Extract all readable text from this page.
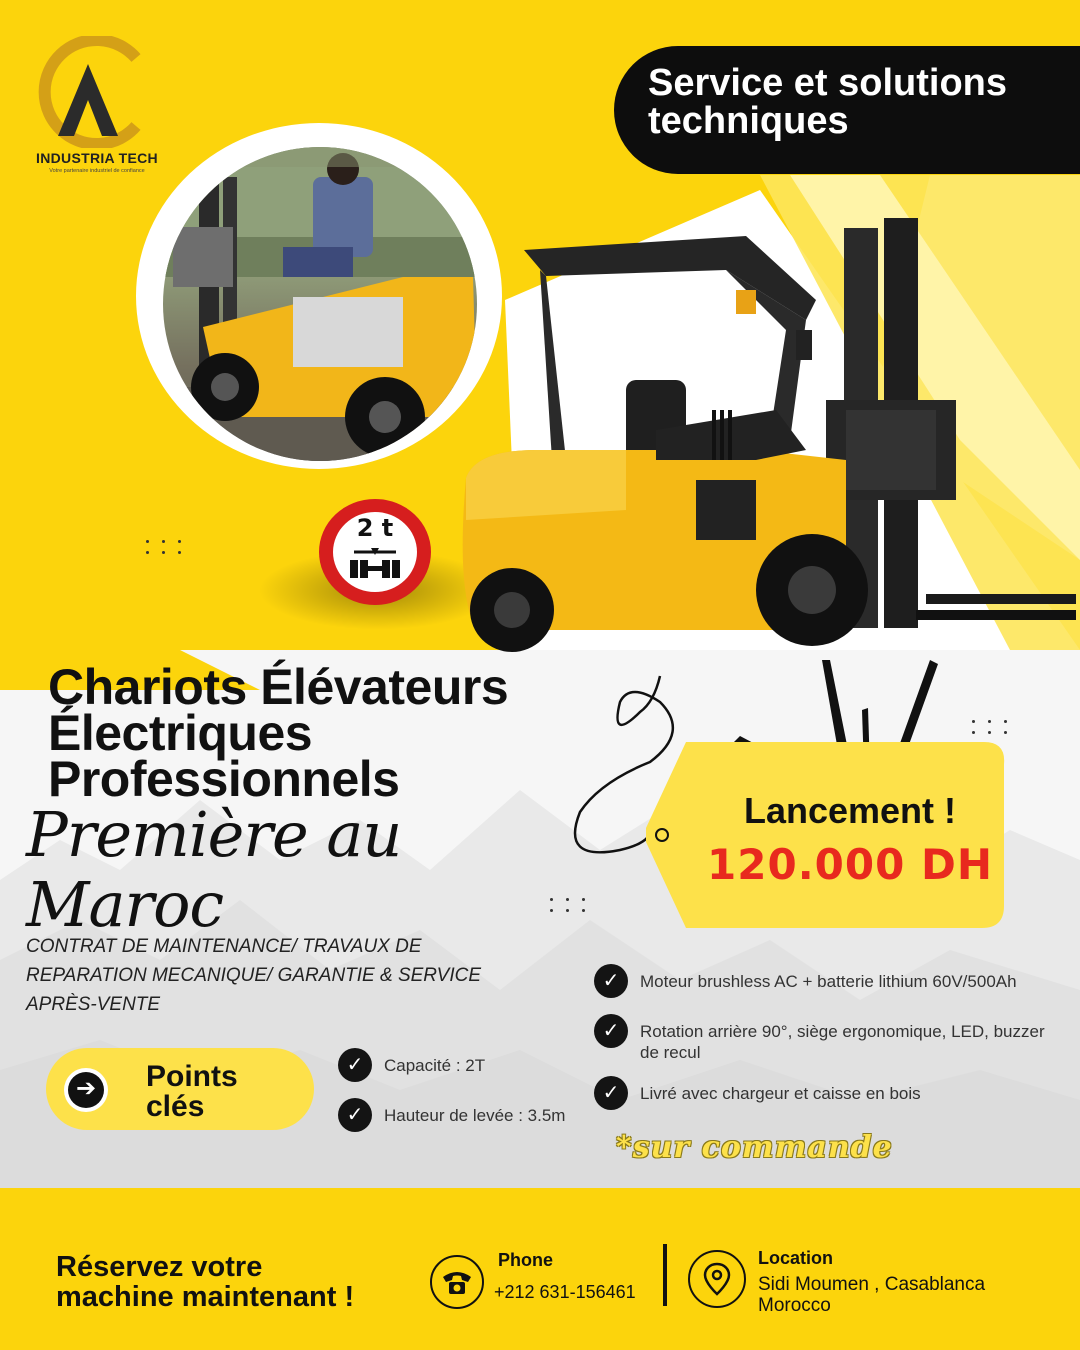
INDUSTRIA TECH
Votre partenaire industriel de confiance
Service et solutions
techniques
2 t
Chariots Élévateurs
Électriques
Professionnels
Première au Maroc
Lancement !
120.000 DH
CONTRAT DE MAINTENANCE/ TRAVAUX DE REPARATION MECANIQUE/ GARANTIE & SERVICE APRÈS-VENTE
➔ Points
clés
✓	Capacité : 2T
✓	Hauteur de levée : 3.5m
✓	Moteur brushless AC + batterie lithium 60V/500Ah
✓	Rotation arrière 90°, siège ergonomique, LED, buzzer de recul
✓	Livré avec chargeur et caisse en bois
*sur commande
Réservez votre
machine maintenant !
Phone
+212 631-156461
Location
Sidi Moumen , Casablanca
Morocco
